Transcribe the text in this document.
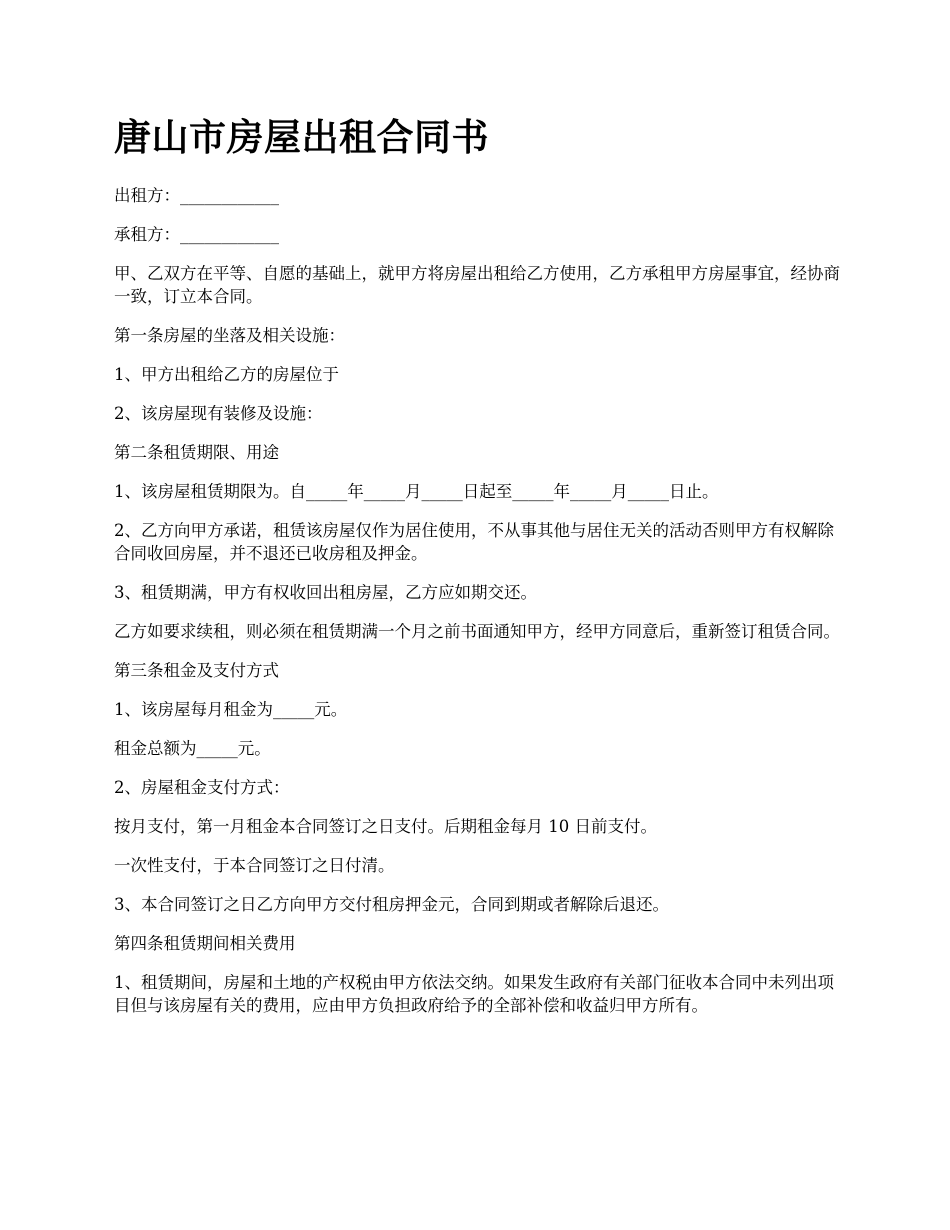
唐山市房屋出租合同书

出租方：____________

承租方：____________

甲、乙双方在平等、自愿的基础上，就甲方将房屋出租给乙方使用，乙方承租甲方房屋事宜，经协商一致，订立本合同。

第一条房屋的坐落及相关设施：

1、甲方出租给乙方的房屋位于

2、该房屋现有装修及设施：

第二条租赁期限、用途

1、该房屋租赁期限为。自_____年_____月_____日起至_____年_____月_____日止。

2、乙方向甲方承诺，租赁该房屋仅作为居住使用，不从事其他与居住无关的活动否则甲方有权解除合同收回房屋，并不退还已收房租及押金。

3、租赁期满，甲方有权收回出租房屋，乙方应如期交还。

乙方如要求续租，则必须在租赁期满一个月之前书面通知甲方，经甲方同意后，重新签订租赁合同。

第三条租金及支付方式

1、该房屋每月租金为_____元。

租金总额为_____元。

2、房屋租金支付方式：

按月支付，第一月租金本合同签订之日支付。后期租金每月 10 日前支付。

一次性支付，于本合同签订之日付清。

3、本合同签订之日乙方向甲方交付租房押金元，合同到期或者解除后退还。

第四条租赁期间相关费用

1、租赁期间，房屋和土地的产权税由甲方依法交纳。如果发生政府有关部门征收本合同中未列出项目但与该房屋有关的费用，应由甲方负担政府给予的全部补偿和收益归甲方所有。
